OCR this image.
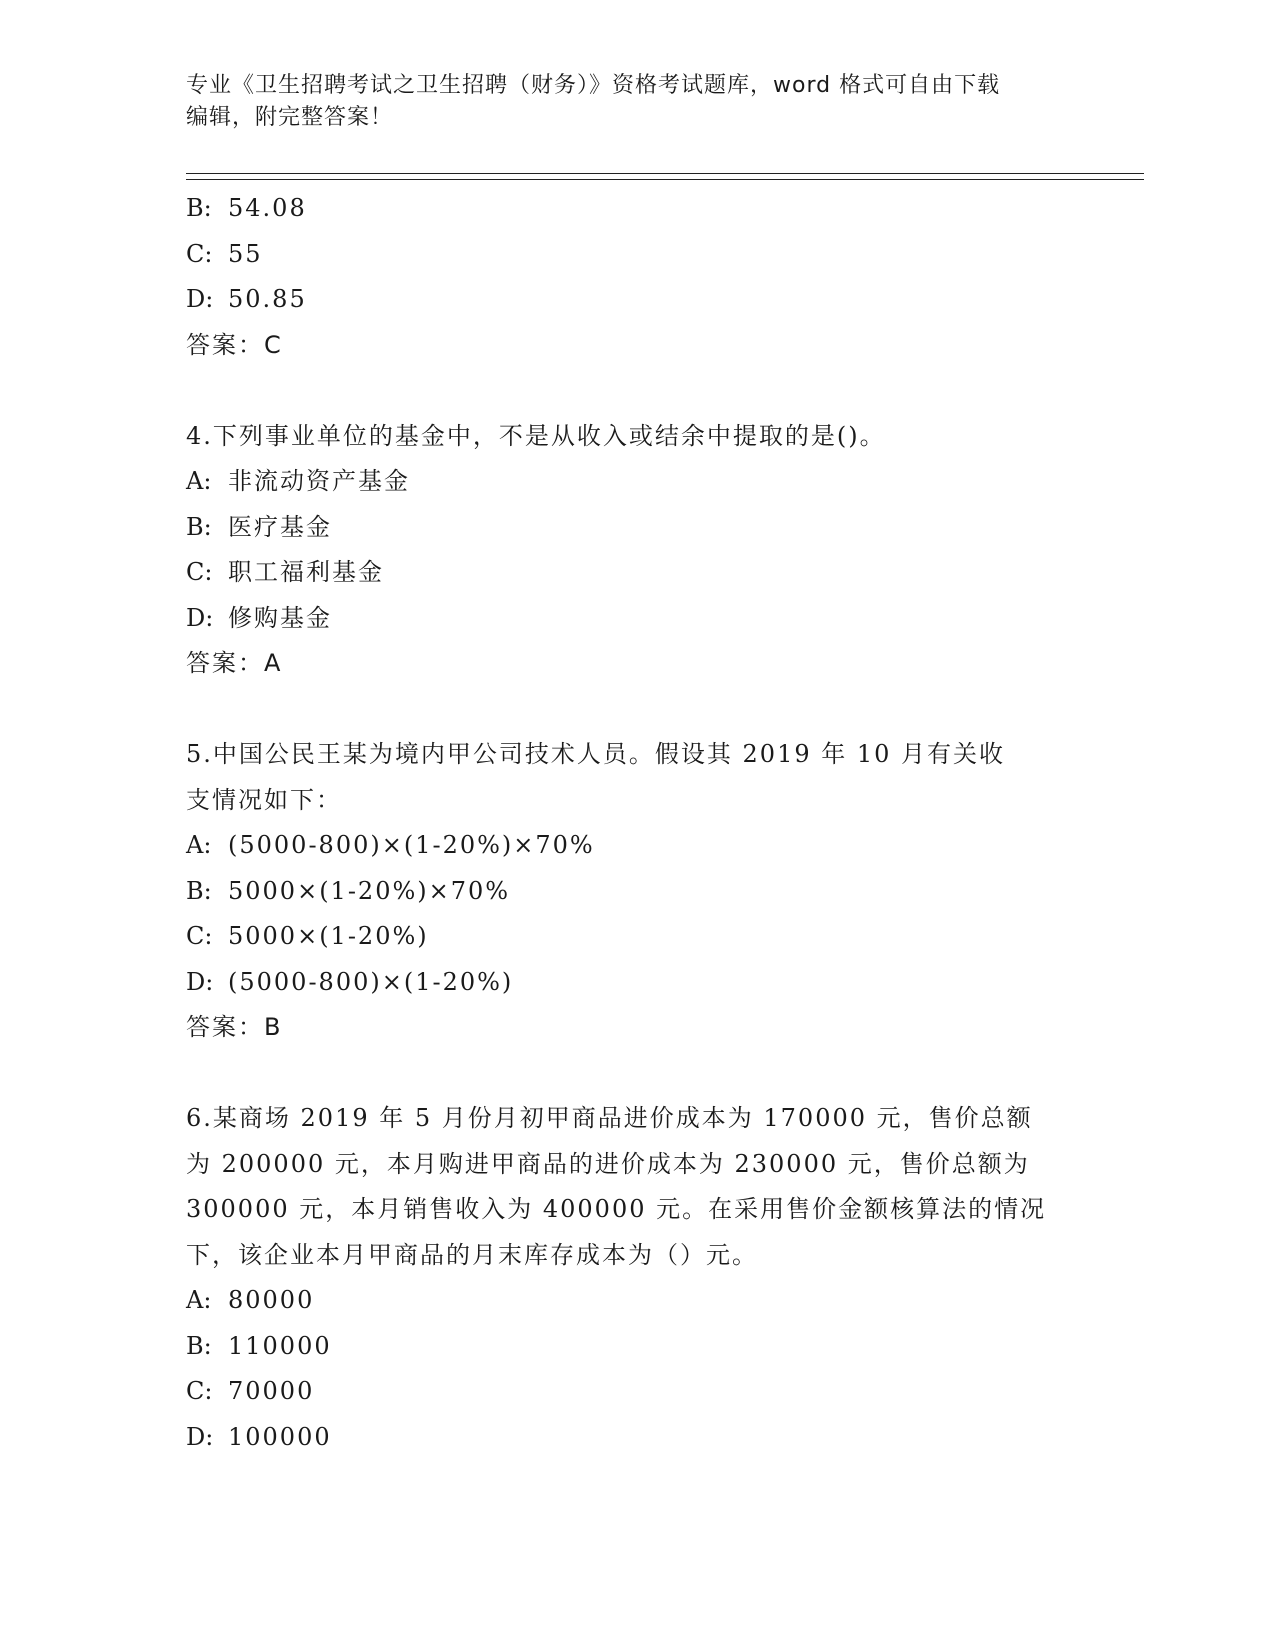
专业《卫生招聘考试之卫生招聘（财务）》资格考试题库，word 格式可自由下载
编辑，附完整答案！
B: 54.08
C: 55
D: 50.85
答案：C
4.下列事业单位的基金中，不是从收入或结余中提取的是()。
A: 非流动资产基金
B: 医疗基金
C: 职工福利基金
D: 修购基金
答案：A
5.中国公民王某为境内甲公司技术人员。假设其 2019 年 10 月有关收
支情况如下：
A: (5000-800)×(1-20%)×70%
B: 5000×(1-20%)×70%
C: 5000×(1-20%)
D: (5000-800)×(1-20%)
答案：B
6.某商场 2019 年 5 月份月初甲商品进价成本为 170000 元，售价总额
为 200000 元，本月购进甲商品的进价成本为 230000 元，售价总额为
300000 元，本月销售收入为 400000 元。在采用售价金额核算法的情况
下，该企业本月甲商品的月末库存成本为（）元。
A: 80000
B: 110000
C: 70000
D: 100000
